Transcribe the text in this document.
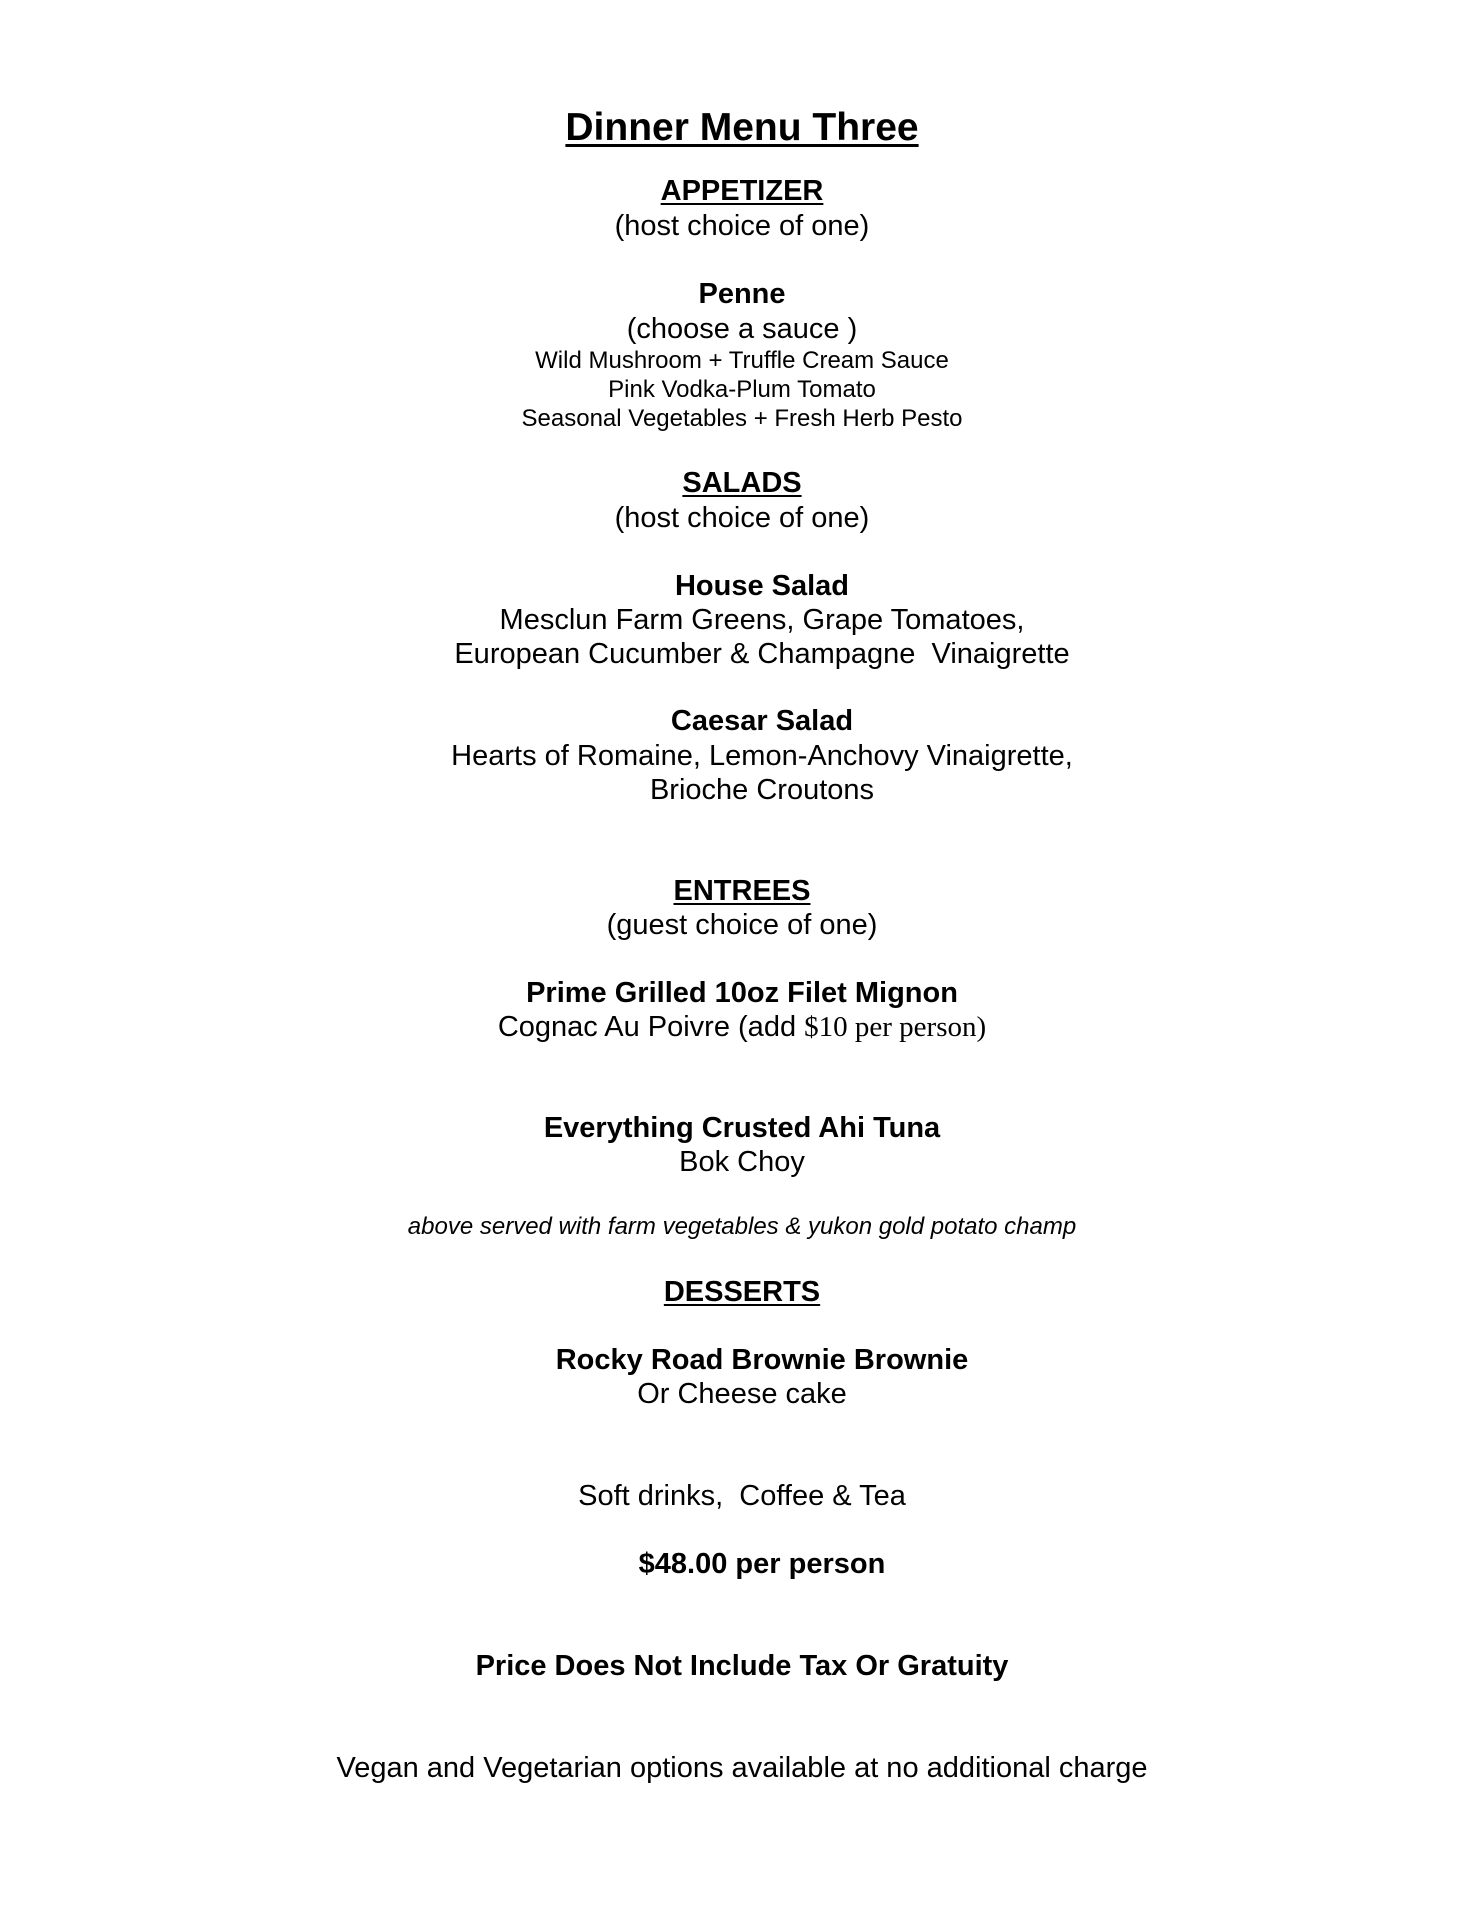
Dinner Menu Three
APPETIZER
(host choice of one)
Penne
(choose a sauce )
Wild Mushroom + Truffle Cream Sauce
Pink Vodka-Plum Tomato
Seasonal Vegetables + Fresh Herb Pesto
SALADS
(host choice of one)
House Salad
Mesclun Farm Greens, Grape Tomatoes,
European Cucumber & Champagne  Vinaigrette
Caesar Salad
Hearts of Romaine, Lemon-Anchovy Vinaigrette,
Brioche Croutons
ENTREES
(guest choice of one)
Prime Grilled 10oz Filet Mignon
Cognac Au Poivre (add $10 per person)
Everything Crusted Ahi Tuna
Bok Choy
above served with farm vegetables & yukon gold potato champ
DESSERTS
Rocky Road Brownie Brownie
Or Cheese cake
Soft drinks,  Coffee & Tea
$48.00 per person
Price Does Not Include Tax Or Gratuity
Vegan and Vegetarian options available at no additional charge
